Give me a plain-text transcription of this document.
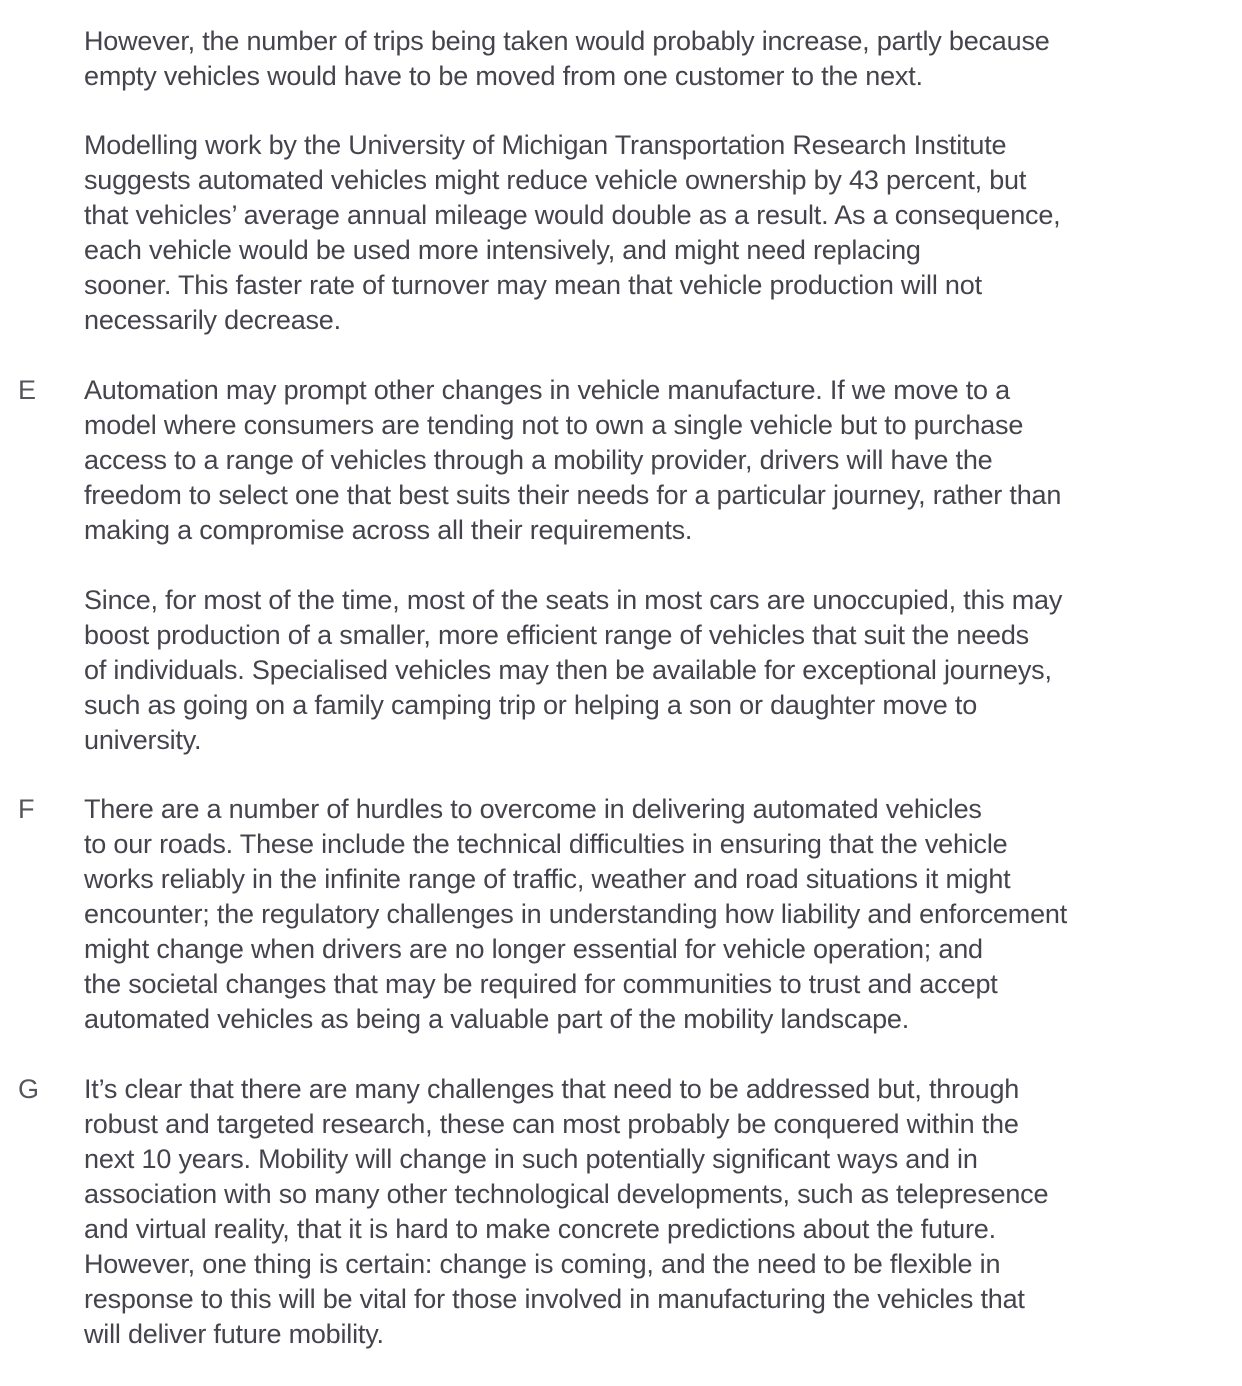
However, the number of trips being taken would probably increase, partly because
empty vehicles would have to be moved from one customer to the next.

Modelling work by the University of Michigan Transportation Research Institute
suggests automated vehicles might reduce vehicle ownership by 43 percent, but
that vehicles’ average annual mileage would double as a result. As a consequence,
each vehicle would be used more intensively, and might need replacing
sooner. This faster rate of turnover may mean that vehicle production will not
necessarily decrease.

E Automation may prompt other changes in vehicle manufacture. If we move to a
model where consumers are tending not to own a single vehicle but to purchase
access to a range of vehicles through a mobility provider, drivers will have the
freedom to select one that best suits their needs for a particular journey, rather than
making a compromise across all their requirements.

Since, for most of the time, most of the seats in most cars are unoccupied, this may
boost production of a smaller, more efficient range of vehicles that suit the needs
of individuals. Specialised vehicles may then be available for exceptional journeys,
such as going on a family camping trip or helping a son or daughter move to
university.

F There are a number of hurdles to overcome in delivering automated vehicles
to our roads. These include the technical difficulties in ensuring that the vehicle
works reliably in the infinite range of traffic, weather and road situations it might
encounter; the regulatory challenges in understanding how liability and enforcement
might change when drivers are no longer essential for vehicle operation; and
the societal changes that may be required for communities to trust and accept
automated vehicles as being a valuable part of the mobility landscape.

G It’s clear that there are many challenges that need to be addressed but, through
robust and targeted research, these can most probably be conquered within the
next 10 years. Mobility will change in such potentially significant ways and in
association with so many other technological developments, such as telepresence
and virtual reality, that it is hard to make concrete predictions about the future.
However, one thing is certain: change is coming, and the need to be flexible in
response to this will be vital for those involved in manufacturing the vehicles that
will deliver future mobility.
